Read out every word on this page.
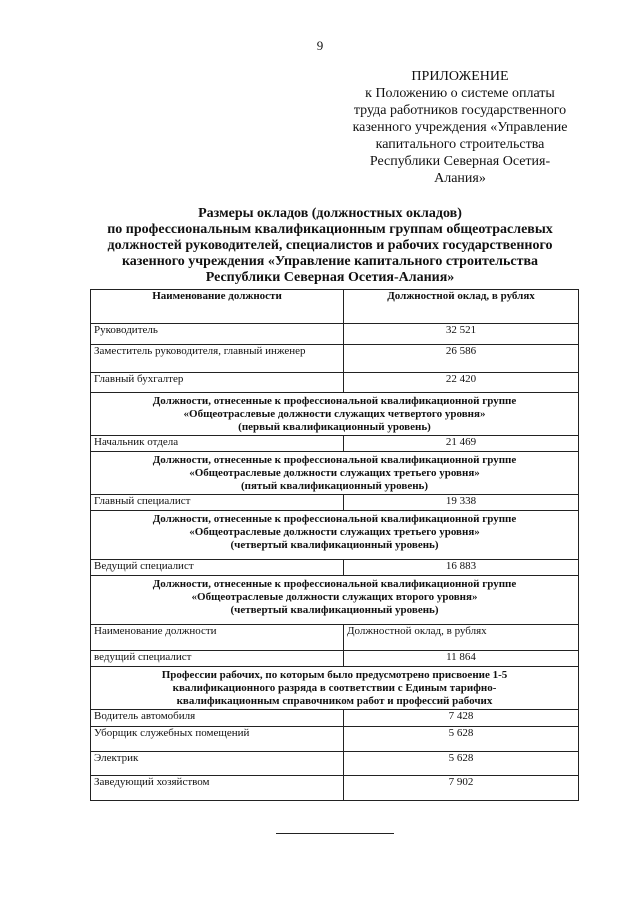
9
ПРИЛОЖЕНИЕ
к Положению о системе оплаты
труда работников государственного
казенного учреждения «Управление
капитального строительства
Республики Северная Осетия-
Алания»
Размеры окладов (должностных окладов)
по профессиональным квалификационным группам общеотраслевых
должностей руководителей, специалистов и рабочих государственного
казенного учреждения «Управление капитального строительства
Республики Северная Осетия-Алания»
Наименование должности	Должностной оклад, в рублях
Руководитель	32 521
Заместитель руководителя, главный инженер	26 586
Главный бухгалтер	22 420

Должности, отнесенные к профессиональной квалификационной группе
«Общеотраслевые должности служащих четвертого уровня»
(первый квалификационный уровень)	

Начальник отдела	21 469

Должности, отнесенные к профессиональной квалификационной группе
«Общеотраслевые должности служащих третьего уровня»
(пятый квалификационный уровень)	

Главный специалист	19 338

Должности, отнесенные к профессиональной квалификационной группе
«Общеотраслевые должности служащих третьего уровня»
(четвертый квалификационный уровень)	

Ведущий специалист	16 883

Должности, отнесенные к профессиональной квалификационной группе
«Общеотраслевые должности служащих второго уровня»
(четвертый квалификационный уровень)	

Наименование должности	Должностной оклад, в рублях
ведущий специалист	11 864

Профессии рабочих, по которым было предусмотрено присвоение 1-5
квалификационного разряда в соответствии с Единым тарифно-
квалификационным справочником работ и профессий рабочих	

Водитель автомобиля	7 428
Уборщик служебных помещений	5 628
Электрик	5 628
Заведующий хозяйством	7 902
